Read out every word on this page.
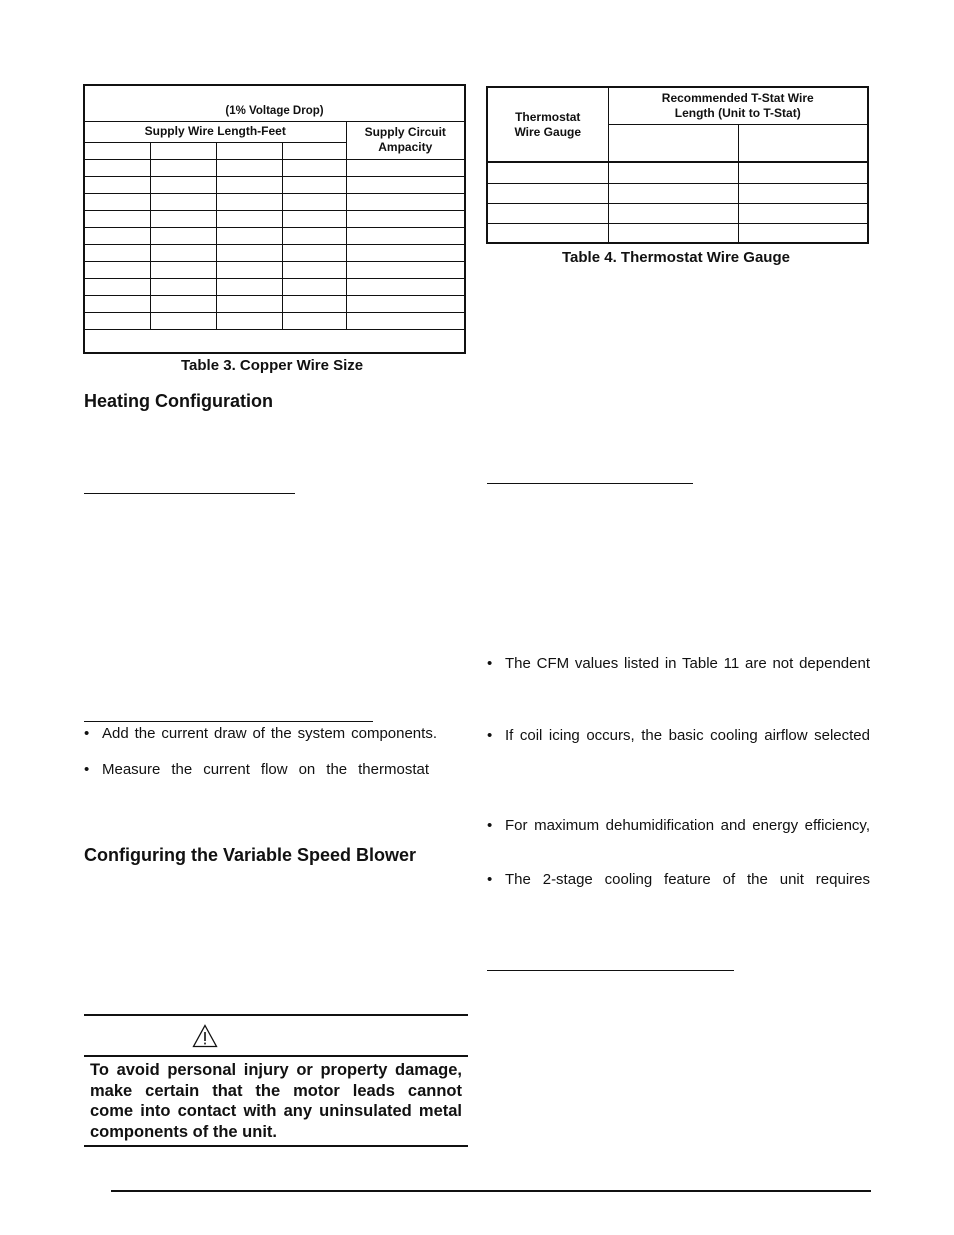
(1% Voltage Drop)				
Supply Wire Length-Feet				Supply Circuit Ampacity

Table 3. Copper Wire Size
Heating Configuration
• Add the current draw of the system components.
• Measure the current flow on the thermostat
Configuring the Variable Speed Blower
To avoid personal injury or property damage,
make certain that the motor leads cannot
come into contact with any uninsulated metal
components of the unit.
Thermostat Wire Gauge	Recommended T-Stat Wire Length (Unit to T-Stat)	

Table 4. Thermostat Wire Gauge
• The CFM values listed in Table 11 are not dependent
• If coil icing occurs, the basic cooling airflow selected
• For maximum dehumidification and energy efficiency,
• The 2-stage cooling feature of the unit requires
